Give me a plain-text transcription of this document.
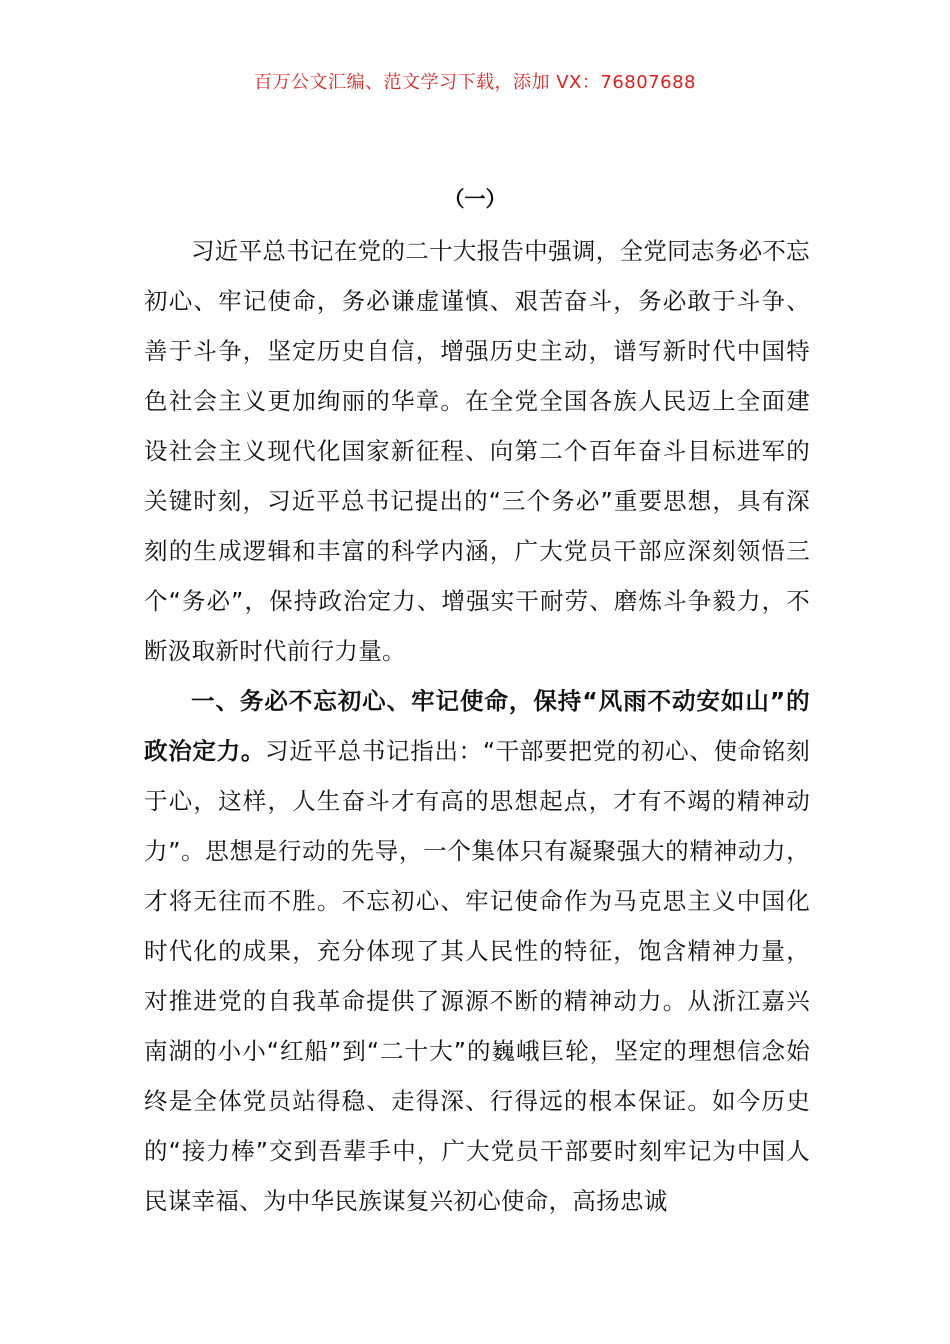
百万公文汇编、范文学习下载，添加 VX：76807688
（一）

习近平总书记在党的二十大报告中强调，全党同志务必不忘初心、牢记使命，务必谦虚谨慎、艰苦奋斗，务必敢于斗争、善于斗争，坚定历史自信，增强历史主动，谱写新时代中国特色社会主义更加绚丽的华章。在全党全国各族人民迈上全面建设社会主义现代化国家新征程、向第二个百年奋斗目标进军的关键时刻，习近平总书记提出的“三个务必”重要思想，具有深刻的生成逻辑和丰富的科学内涵，广大党员干部应深刻领悟三个“务必”，保持政治定力、增强实干耐劳、磨炼斗争毅力，不断汲取新时代前行力量。

一、务必不忘初心、牢记使命，保持“风雨不动安如山”的政治定力。习近平总书记指出：“干部要把党的初心、使命铭刻于心，这样，人生奋斗才有高的思想起点，才有不竭的精神动力”。思想是行动的先导，一个集体只有凝聚强大的精神动力，才将无往而不胜。不忘初心、牢记使命作为马克思主义中国化时代化的成果，充分体现了其人民性的特征，饱含精神力量，对推进党的自我革命提供了源源不断的精神动力。从浙江嘉兴南湖的小小“红船”到“二十大”的巍峨巨轮，坚定的理想信念始终是全体党员站得稳、走得深、行得远的根本保证。如今历史的“接力棒”交到吾辈手中，广大党员干部要时刻牢记为中国人民谋幸福、为中华民族谋复兴初心使命，高扬忠诚
